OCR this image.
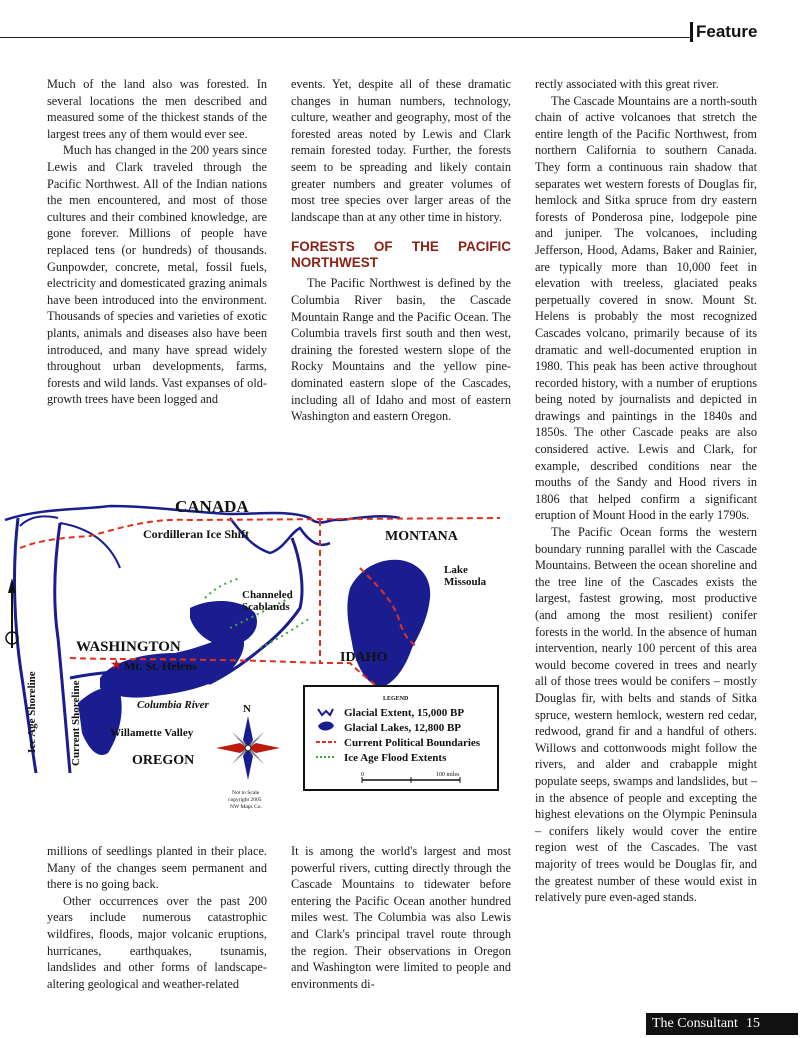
Feature

Much of the land also was forested. In several locations the men described and measured some of the thickest stands of the largest trees any of them would ever see.

Much has changed in the 200 years since Lewis and Clark traveled through the Pacific Northwest. All of the Indian nations the men encountered, and most of those cultures and their combined knowledge, are gone forever. Millions of people have replaced tens (or hundreds) of thousands. Gunpowder, concrete, metal, fossil fuels, electricity and domesticated grazing animals have been introduced into the environment. Thousands of species and varieties of exotic plants, animals and diseases also have been introduced, and many have spread widely throughout urban developments, farms, forests and wild lands. Vast expanses of old-growth trees have been logged and

events. Yet, despite all of these dramatic changes in human numbers, technology, culture, weather and geography, most of the forested areas noted by Lewis and Clark remain forested today. Further, the forests seem to be spreading and likely contain greater numbers and greater volumes of most tree species over larger areas of the landscape than at any other time in history.

FORESTS OF THE PACIFIC NORTHWEST

The Pacific Northwest is defined by the Columbia River basin, the Cascade Mountain Range and the Pacific Ocean. The Columbia travels first south and then west, draining the forested western slope of the Rocky Mountains and the yellow pine-dominated eastern slope of the Cascades, including all of Idaho and most of eastern Washington and eastern Oregon.

rectly associated with this great river.

The Cascade Mountains are a north-south chain of active volcanoes that stretch the entire length of the Pacific Northwest, from northern California to southern Canada. They form a continuous rain shadow that separates wet western forests of Douglas fir, hemlock and Sitka spruce from dry eastern forests of Ponderosa pine, lodgepole pine and juniper. The volcanoes, including Jefferson, Hood, Adams, Baker and Rainier, are typically more than 10,000 feet in elevation with treeless, glaciated peaks perpetually covered in snow. Mount St. Helens is probably the most recognized Cascades volcano, primarily because of its dramatic and well-documented eruption in 1980. This peak has been active throughout recorded history, with a number of eruptions being noted by journalists and depicted in drawings and paintings in the 1840s and 1850s. The other Cascade peaks are also considered active. Lewis and Clark, for example, described conditions near the mouths of the Sandy and Hood rivers in 1806 that helped confirm a significant eruption of Mount Hood in the early 1790s.

The Pacific Ocean forms the western boundary running parallel with the Cascade Mountains. Between the ocean shoreline and the tree line of the Cascades exists the largest, fastest growing, most productive (and among the most resilient) conifer forests in the world. In the absence of human intervention, nearly 100 percent of this area would become covered in trees and nearly all of those trees would be conifers – mostly Douglas fir, with belts and stands of Sitka spruce, western hemlock, western red cedar, redwood, grand fir and a handful of others. Willows and cottonwoods might follow the rivers, and alder and crabapple might populate seeps, swamps and landslides, but – in the absence of people and excepting the highest elevations on the Olympic Peninsula – conifers likely would cover the entire region west of the Cascades. The vast majority of trees would be Douglas fir, and the greatest number of these would exist in relatively pure even-aged stands.

★
CANADA
Cordilleran Ice Shift	MONTANA
Lake
Missoula
Channeled
Scablands
WASHINGTON
Mt. St. Helens
IDAHO
Columbia River
Willamette Valley
OREGON
Ice Age Shoreline	Current Shoreline	N
Not to Scale
copyright 2005
NW Maps Co.
LEGEND
Glacial Extent, 15,000 BP
Glacial Lakes, 12,800 BP
Current Political Boundaries
Ice Age Flood Extents
0	100 miles

millions of seedlings planted in their place. Many of the changes seem permanent and there is no going back.

Other occurrences over the past 200 years include numerous catastrophic wildfires, floods, major volcanic eruptions, hurricanes, earthquakes, tsunamis, landslides and other forms of landscape-altering geological and weather-related

It is among the world's largest and most powerful rivers, cutting directly through the Cascade Mountains to tidewater before entering the Pacific Ocean another hundred miles west. The Columbia was also Lewis and Clark's principal travel route through the region. Their observations in Oregon and Washington were limited to people and environments di-

The Consultant 15
